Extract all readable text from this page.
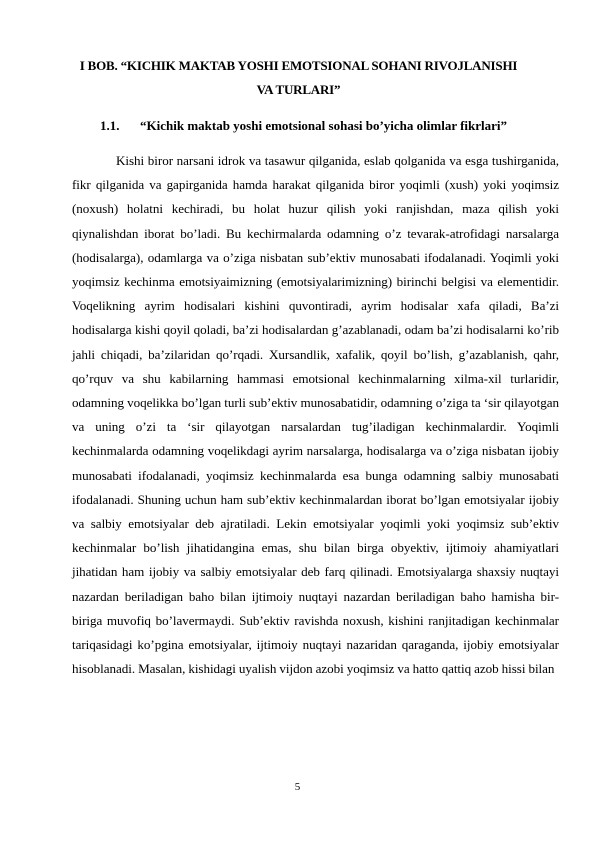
I BOB. “KICHIK MAKTAB YOSHI EMOTSIONAL SOHANI RIVOJLANISHI VA TURLARI”
1.1. “Kichik maktab yoshi emotsional sohasi bo’yicha olimlar fikrlari”

Kishi biror narsani idrok va tasawur qilganida, eslab qolganida va esga tushirganida, fikr qilganida va gapirganida hamda harakat qilganida biror yoqimli (xush) yoki yoqimsiz (noxush) holatni kechiradi, bu holat huzur qilish yoki ranjishdan, maza qilish yoki qiynalishdan iborat bo’ladi. Bu kechirmalarda odamning o’z tevarak-atrofidagi narsalarga (hodisalarga), odamlarga va o’ziga nisbatan sub’ektiv munosabati ifodalanadi. Yoqimli yoki yoqimsiz kechinma emotsiyaimizning (emotsiyalarimizning) birinchi belgisi va elementidir. Voqelikning ayrim hodisalari kishini quvontiradi, ayrim hodisalar xafa qiladi, Ba’zi hodisalarga kishi qoyil qoladi, ba’zi hodisalardan g’azablanadi, odam ba’zi hodisalarni ko’rib jahli chiqadi, ba’zilaridan qo’rqadi. Xursandlik, xafalik, qoyil bo’lish, g’azablanish, qahr, qo’rquv va shu kabilarning hammasi emotsional kechinmalarning xilma-xil turlaridir, odamning voqelikka bo’lgan turli sub’ektiv munosabatidir, odamning o’ziga ta ‘sir qilayotgan va uning o’zi ta ‘sir qilayotgan narsalardan tug’iladigan kechinmalardir. Yoqimli kechinmalarda odamning voqelikdagi ayrim narsalarga, hodisalarga va o’ziga nisbatan ijobiy munosabati ifodalanadi, yoqimsiz kechinmalarda esa bunga odamning salbiy munosabati ifodalanadi. Shuning uchun ham sub’ektiv kechinmalardan iborat bo’lgan emotsiyalar ijobiy va salbiy emotsiyalar deb ajratiladi. Lekin emotsiyalar yoqimli yoki yoqimsiz sub’ektiv kechinmalar bo’lish jihatidangina emas, shu bilan birga obyektiv, ijtimoiy ahamiyatlari jihatidan ham ijobiy va salbiy emotsiyalar deb farq qilinadi. Emotsiyalarga shaxsiy nuqtayi nazardan beriladigan baho bilan ijtimoiy nuqtayi nazardan beriladigan baho hamisha bir-biriga muvofiq bo’lavermaydi. Sub’ektiv ravishda noxush, kishini ranjitadigan kechinmalar tariqasidagi ko’pgina emotsiyalar, ijtimoiy nuqtayi nazaridan qaraganda, ijobiy emotsiyalar hisoblanadi. Masalan, kishidagi uyalish vijdon azobi yoqimsiz va hatto qattiq azob hissi bilan

5
